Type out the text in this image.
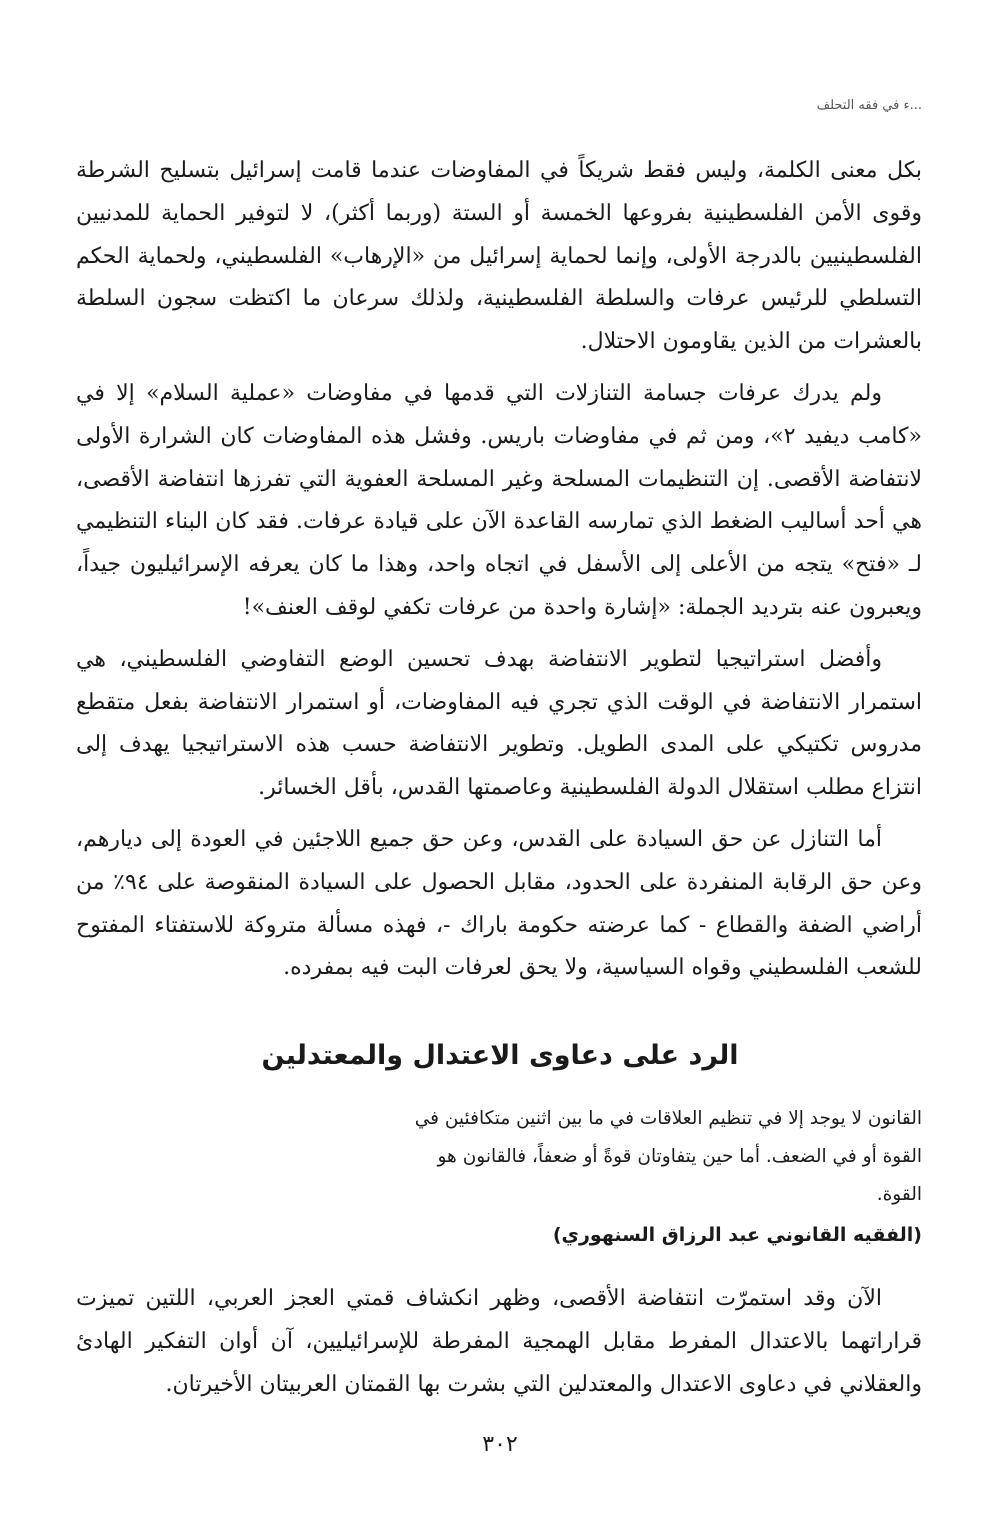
...ء في فقه التحلف

بكل معنى الكلمة، وليس فقط شريكاً في المفاوضات عندما قامت إسرائيل بتسليح الشرطة وقوى الأمن الفلسطينية بفروعها الخمسة أو الستة (وربما أكثر)، لا لتوفير الحماية للمدنيين الفلسطينيين بالدرجة الأولى، وإنما لحماية إسرائيل من «الإرهاب» الفلسطيني، ولحماية الحكم التسلطي للرئيس عرفات والسلطة الفلسطينية، ولذلك سرعان ما اكتظت سجون السلطة بالعشرات من الذين يقاومون الاحتلال.

ولم يدرك عرفات جسامة التنازلات التي قدمها في مفاوضات «عملية السلام» إلا في «كامب ديفيد ٢»، ومن ثم في مفاوضات باريس. وفشل هذه المفاوضات كان الشرارة الأولى لانتفاضة الأقصى. إن التنظيمات المسلحة وغير المسلحة العفوية التي تفرزها انتفاضة الأقصى، هي أحد أساليب الضغط الذي تمارسه القاعدة الآن على قيادة عرفات. فقد كان البناء التنظيمي لـ «فتح» يتجه من الأعلى إلى الأسفل في اتجاه واحد، وهذا ما كان يعرفه الإسرائيليون جيداً، ويعبرون عنه بترديد الجملة: «إشارة واحدة من عرفات تكفي لوقف العنف»!

وأفضل استراتيجيا لتطوير الانتفاضة بهدف تحسين الوضع التفاوضي الفلسطيني، هي استمرار الانتفاضة في الوقت الذي تجري فيه المفاوضات، أو استمرار الانتفاضة بفعل متقطع مدروس تكتيكي على المدى الطويل. وتطوير الانتفاضة حسب هذه الاستراتيجيا يهدف إلى انتزاع مطلب استقلال الدولة الفلسطينية وعاصمتها القدس، بأقل الخسائر.

أما التنازل عن حق السيادة على القدس، وعن حق جميع اللاجئين في العودة إلى ديارهم، وعن حق الرقابة المنفردة على الحدود، مقابل الحصول على السيادة المنقوصة على ٩٤٪ من أراضي الضفة والقطاع - كما عرضته حكومة باراك -، فهذه مسألة متروكة للاستفتاء المفتوح للشعب الفلسطيني وقواه السياسية، ولا يحق لعرفات البت فيه بمفرده.

الرد على دعاوى الاعتدال والمعتدلين
القانون لا يوجد إلا في تنظيم العلاقات في ما بين اثنين متكافئين في القوة أو في الضعف. أما حين يتفاوتان قوةً أو ضعفاً، فالقانون هو القوة.
(الفقيه القانوني عبد الرزاق السنهوري)

الآن وقد استمرّت انتفاضة الأقصى، وظهر انكشاف قمتي العجز العربي، اللتين تميزت قراراتهما بالاعتدال المفرط مقابل الهمجية المفرطة للإسرائيليين، آن أوان التفكير الهادئ والعقلاني في دعاوى الاعتدال والمعتدلين التي بشرت بها القمتان العربيتان الأخيرتان.

٣٠٢
